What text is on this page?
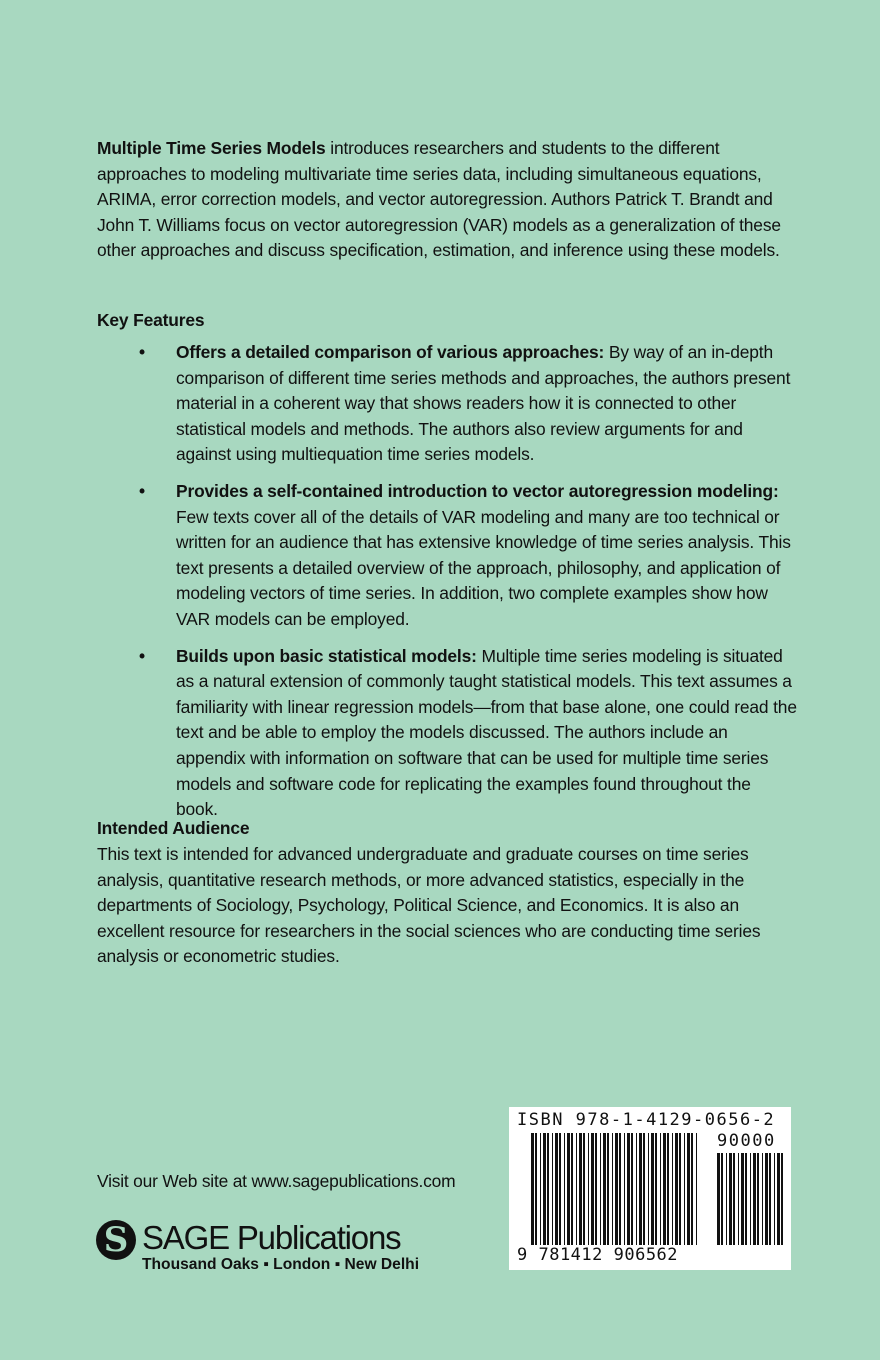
Multiple Time Series Models introduces researchers and students to the different approaches to modeling multivariate time series data, including simultaneous equations, ARIMA, error correction models, and vector autoregression. Authors Patrick T. Brandt and John T. Williams focus on vector autoregression (VAR) models as a generalization of these other approaches and discuss specification, estimation, and inference using these models.
Key Features
• Offers a detailed comparison of various approaches: By way of an in-depth comparison of different time series methods and approaches, the authors present material in a coherent way that shows readers how it is connected to other statistical models and methods. The authors also review arguments for and against using multiequation time series models.
• Provides a self-contained introduction to vector autoregression modeling: Few texts cover all of the details of VAR modeling and many are too technical or written for an audience that has extensive knowledge of time series analysis. This text presents a detailed overview of the approach, philosophy, and application of modeling vectors of time series. In addition, two complete examples show how VAR models can be employed.
• Builds upon basic statistical models: Multiple time series modeling is situated as a natural extension of commonly taught statistical models. This text assumes a familiarity with linear regression models—from that base alone, one could read the text and be able to employ the models discussed. The authors include an appendix with information on software that can be used for multiple time series models and software code for replicating the examples found throughout the book.
Intended Audience
This text is intended for advanced undergraduate and graduate courses on time series analysis, quantitative research methods, or more advanced statistics, especially in the departments of Sociology, Psychology, Political Science, and Economics. It is also an excellent resource for researchers in the social sciences who are conducting time series analysis or econometric studies.
Visit our Web site at www.sagepublications.com
S SAGE Publications
Thousand Oaks ▪ London ▪ New Delhi
ISBN 978-1-4129-0656-2
90000
9 781412 906562
